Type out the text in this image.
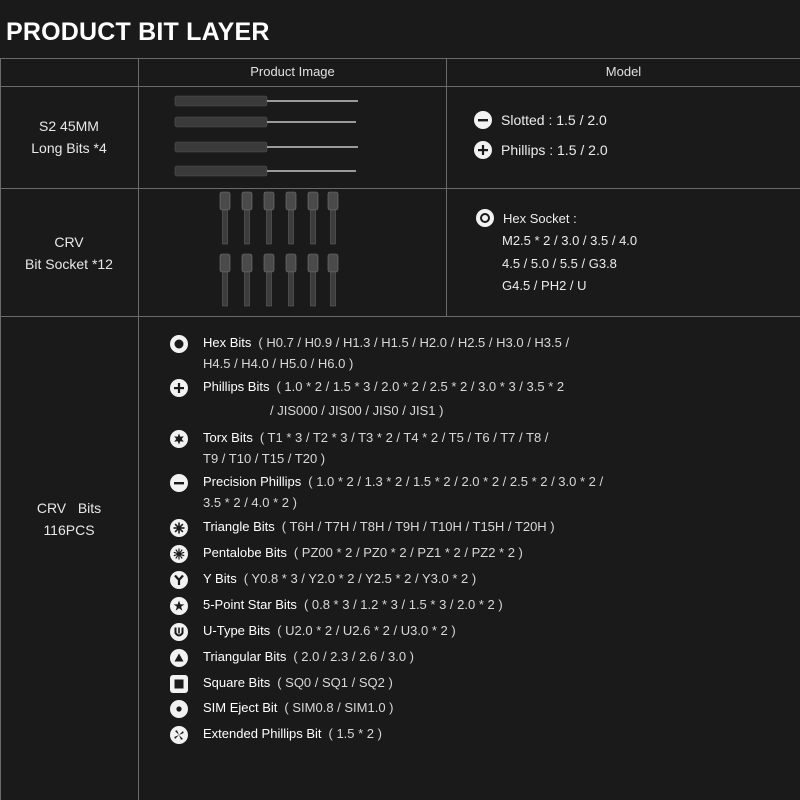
PRODUCT BIT LAYER
Product Image	Model
S2 45MM
Long Bits *4
Slotted : 1.5 / 2.0
Phillips : 1.5 / 2.0
CRV
Bit Socket *12
Hex Socket :
M2.5 * 2 / 3.0 / 3.5 / 4.0
4.5 / 5.0 / 5.5 / G3.8
G4.5 / PH2 / U
CRV   Bits
116PCS
Hex Bits ( H0.7 / H0.9 / H1.3 / H1.5 / H2.0 / H2.5 / H3.0 / H3.5 /
H4.5 / H4.0 / H5.0 / H6.0 )
Phillips Bits ( 1.0 * 2 / 1.5 * 3 / 2.0 * 2 / 2.5 * 2 / 3.0 * 3 / 3.5 * 2
/ JIS000 / JIS00 / JIS0 / JIS1 )
Torx Bits ( T1 * 3 / T2 * 3 / T3 * 2 / T4 * 2 / T5 / T6 / T7 / T8 /
T9 / T10 / T15 / T20 )
Precision Phillips ( 1.0 * 2 / 1.3 * 2 / 1.5 * 2 / 2.0 * 2 / 2.5 * 2 / 3.0 * 2 /
3.5 * 2 / 4.0 * 2 )
Triangle Bits ( T6H / T7H / T8H / T9H / T10H / T15H / T20H )
Pentalobe Bits ( PZ00 * 2 / PZ0 * 2 / PZ1 * 2 / PZ2 * 2 )
Y Bits ( Y0.8 * 3 / Y2.0 * 2 / Y2.5 * 2 / Y3.0 * 2 )
5-Point Star Bits ( 0.8 * 3 / 1.2 * 3 / 1.5 * 3 / 2.0 * 2 )
U-Type Bits ( U2.0 * 2 / U2.6 * 2 / U3.0 * 2 )
Triangular Bits ( 2.0 / 2.3 / 2.6 / 3.0 )
Square Bits ( SQ0 / SQ1 / SQ2 )
SIM Eject Bit ( SIM0.8 / SIM1.0 )
Extended Phillips Bit ( 1.5 * 2 )
